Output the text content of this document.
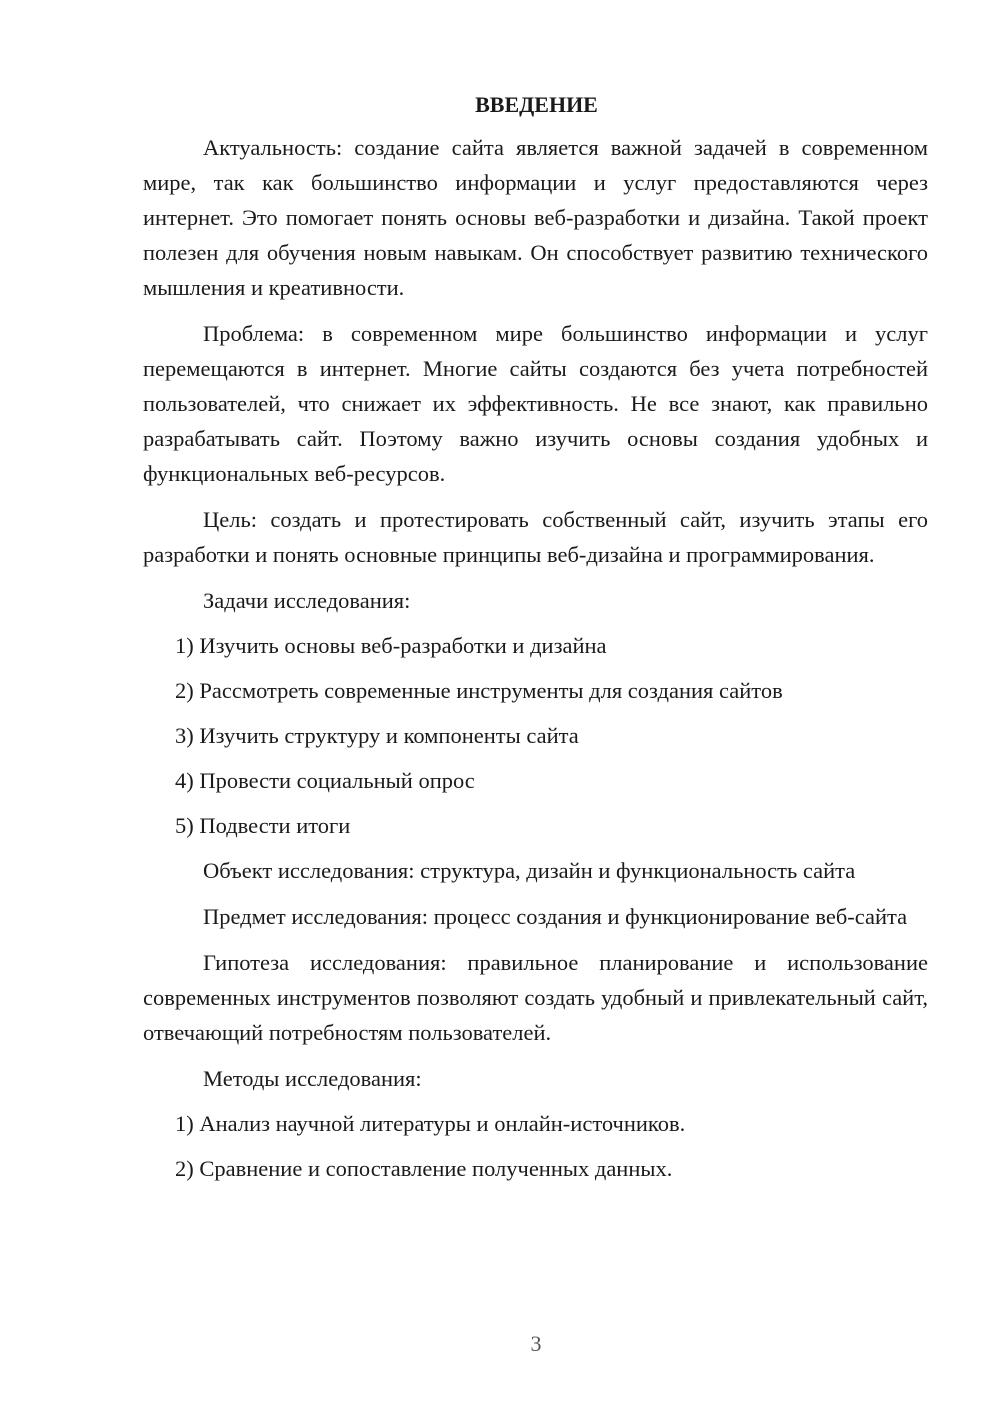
ВВЕДЕНИЕ

Актуальность: создание сайта является важной задачей в современном мире, так как большинство информации и услуг предоставляются через интернет. Это помогает понять основы веб-разработки и дизайна. Такой проект полезен для обучения новым навыкам. Он способствует развитию технического мышления и креативности.

Проблема: в современном мире большинство информации и услуг перемещаются в интернет. Многие сайты создаются без учета потребностей пользователей, что снижает их эффективность. Не все знают, как правильно разрабатывать сайт. Поэтому важно изучить основы создания удобных и функциональных веб-ресурсов.

Цель: создать и протестировать собственный сайт, изучить этапы его разработки и понять основные принципы веб-дизайна и программирования.

Задачи исследования:
1) Изучить основы веб-разработки и дизайна
2) Рассмотреть современные инструменты для создания сайтов
3) Изучить структуру и компоненты сайта
4) Провести социальный опрос
5) Подвести итоги

Объект исследования: структура, дизайн и функциональность сайта

Предмет исследования: процесс создания и функционирование веб-сайта

Гипотеза исследования: правильное планирование и использование современных инструментов позволяют создать удобный и привлекательный сайт, отвечающий потребностям пользователей.

Методы исследования:
1) Анализ научной литературы и онлайн-источников.
2) Сравнение и сопоставление полученных данных.
3
